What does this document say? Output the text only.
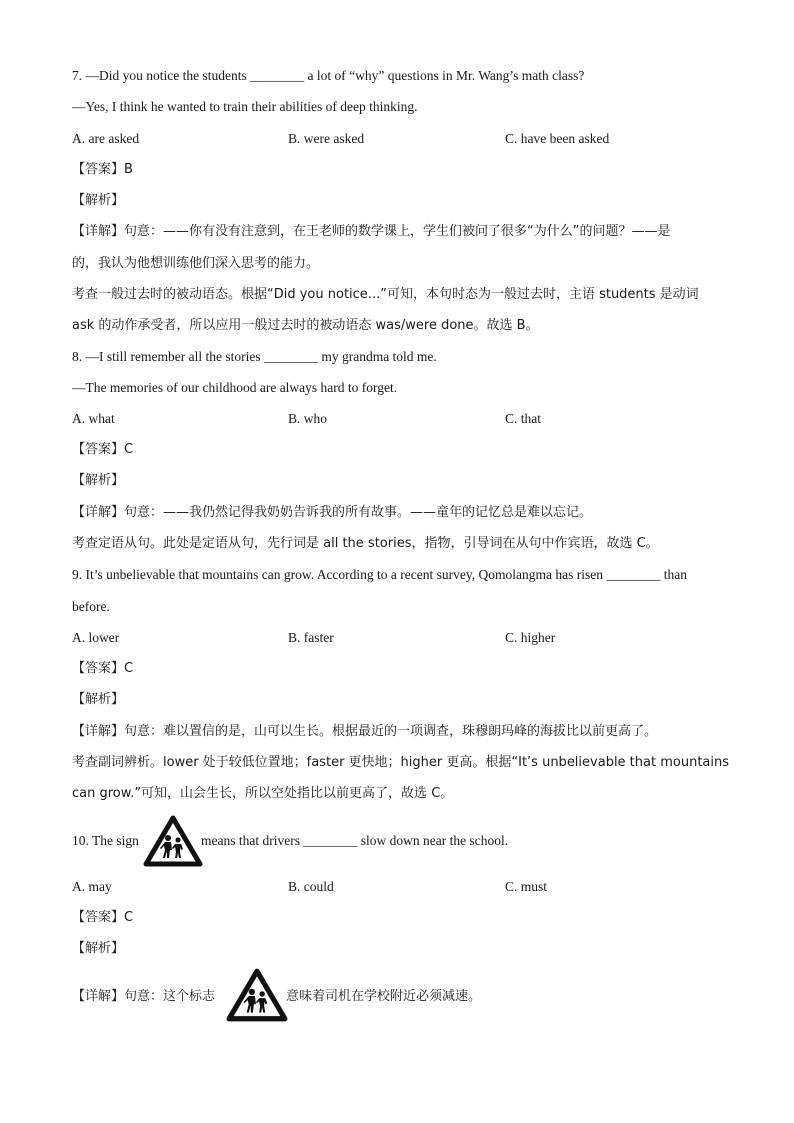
7. —Did you notice the students ________ a lot of “why” questions in Mr. Wang’s math class?
—Yes, I think he wanted to train their abilities of deep thinking.
A. are asked	B. were asked	C. have been asked
【答案】B
【解析】
【详解】句意：——你有没有注意到，在王老师的数学课上，学生们被问了很多“为什么”的问题？——是
的，我认为他想训练他们深入思考的能力。
考查一般过去时的被动语态。根据“Did you notice...”可知，本句时态为一般过去时，主语 students 是动词
ask 的动作承受者，所以应用一般过去时的被动语态 was/were done。故选 B。
8. —I still remember all the stories ________ my grandma told me.
—The memories of our childhood are always hard to forget.
A. what	B. who	C. that
【答案】C
【解析】
【详解】句意：——我仍然记得我奶奶告诉我的所有故事。——童年的记忆总是难以忘记。
考查定语从句。此处是定语从句，先行词是 all the stories，指物，引导词在从句中作宾语，故选 C。
9. It’s unbelievable that mountains can grow. According to a recent survey, Qomolangma has risen ________ than
before.
A. lower	B. faster	C. higher
【答案】C
【解析】
【详解】句意：难以置信的是，山可以生长。根据最近的一项调查，珠穆朗玛峰的海拔比以前更高了。
考查副词辨析。lower 处于较低位置地；faster 更快地；higher 更高。根据“It’s unbelievable that mountains
can grow.”可知，山会生长，所以空处指比以前更高了，故选 C。
10. The sign	means that drivers ________ slow down near the school.
A. may	B. could	C. must
【答案】C
【解析】
【详解】句意：这个标志	意味着司机在学校附近必须减速。
